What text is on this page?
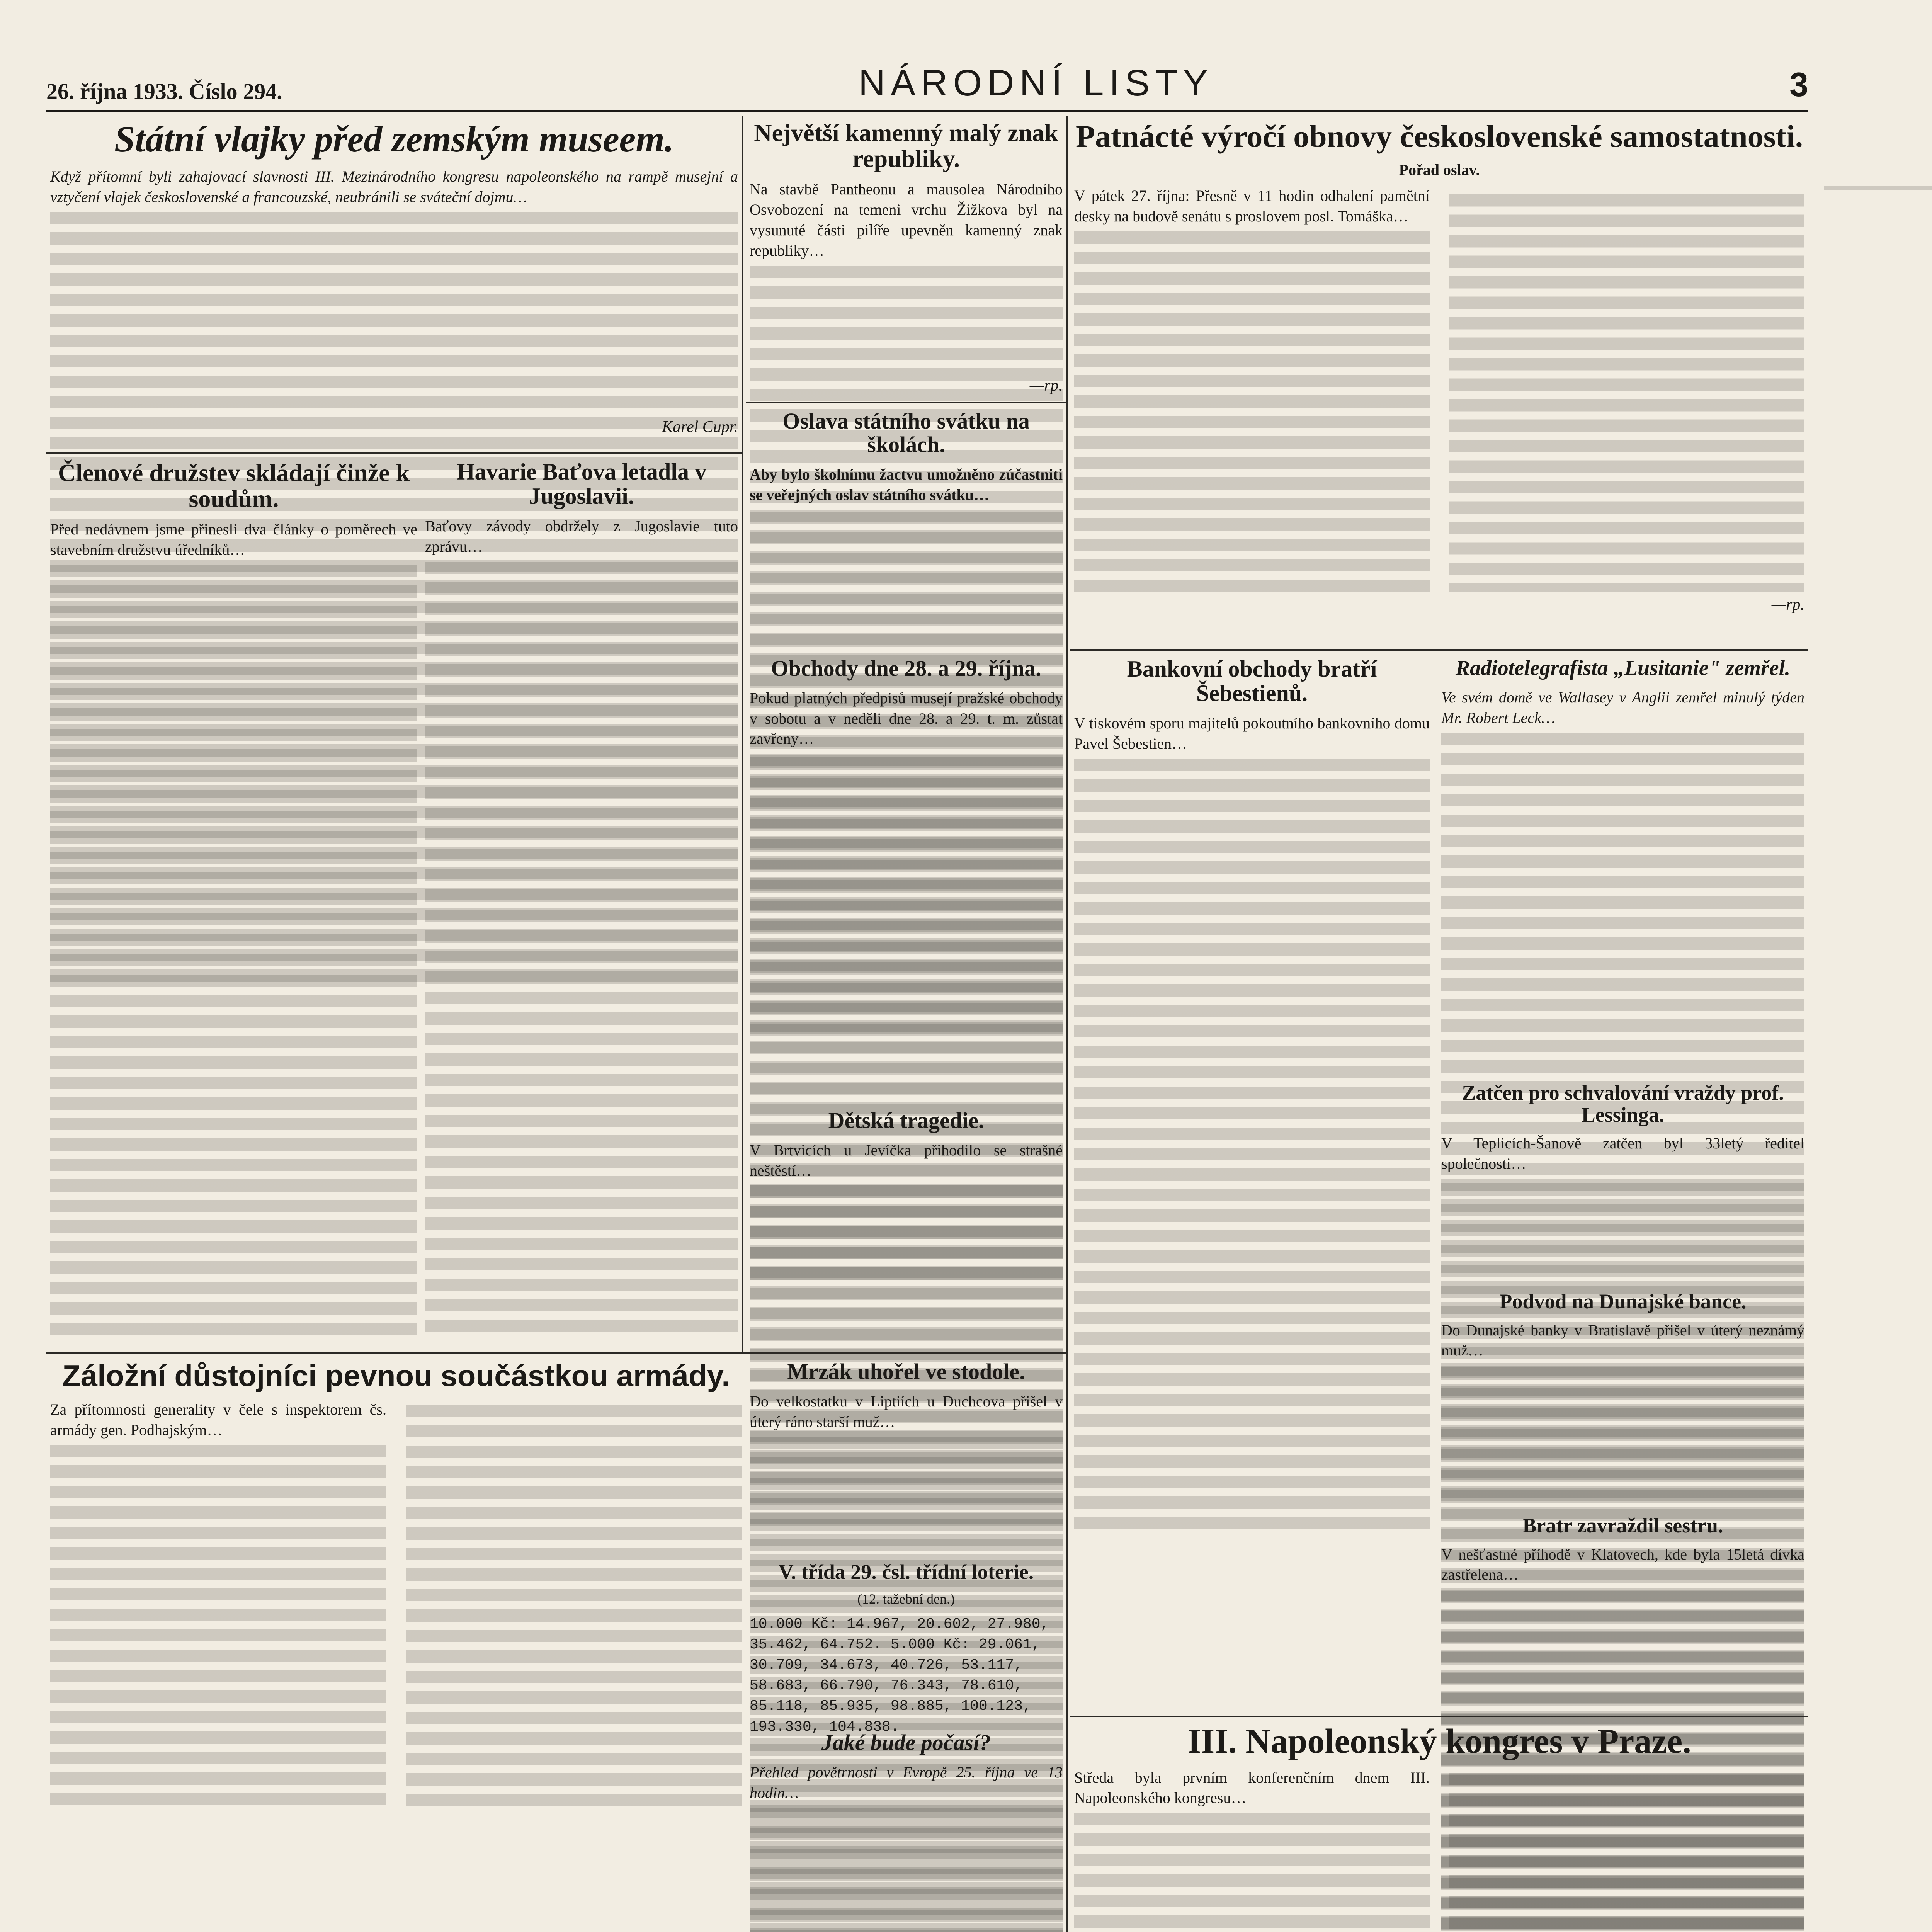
26. října 1933. Číslo 294.	NÁRODNÍ LISTY	3
Státní vlajky před zemským museem.

Když přítomní byli zahajovací slavnosti III. Mezinárodního kongresu napoleonského na rampě musejní a vztyčení vlajek československé a francouzské, neubránili se sváteční dojmu…

Karel Cupr.

Největší kamenný malý znak republiky.

Na stavbě Pantheonu a mausolea Národního Osvobození na temeni vrchu Žižkova byl na vysunuté části pilíře upevněn kamenný znak republiky…

—rp.

Patnácté výročí obnovy československé samostatnosti.

Pořad oslav.

V pátek 27. října: Přesně v 11 hodin odhalení pamětní desky na budově senátu s proslovem posl. Tomáška…

—rp.

Členové družstev skládají činže k soudům.

Před nedávnem jsme přinesli dva články o poměrech ve stavebním družstvu úředníků…

Havarie Baťova letadla v Jugoslavii.

Baťovy závody obdržely z Jugoslavie tuto zprávu…

Oslava státního svátku na školách.

Aby bylo školnímu žactvu umožněno zúčastniti se veřejných oslav státního svátku…

Obchody dne 28. a 29. října.

Pokud platných předpisů musejí pražské obchody v sobotu a v neděli dne 28. a 29. t. m. zůstat zavřeny…

Dětská tragedie.

V Brtvicích u Jevíčka přihodilo se strašné neštěstí…

Mrzák uhořel ve stodole.

Do velkostatku v Liptiích u Duchcova přišel v úterý ráno starší muž…

V. třída 29. čsl. třídní loterie.

(12. tažební den.)

10.000 Kč: 14.967, 20.602, 27.980, 35.462, 64.752. 5.000 Kč: 29.061, 30.709, 34.673, 40.726, 53.117, 58.683, 66.790, 76.343, 78.610, 85.118, 85.935, 98.885, 100.123, 193.330, 104.838.

Jaké bude počasí?

Přehled povětrnosti v Evropě 25. října ve 13 hodin…

Bankovní obchody bratří Šebestienů.

V tiskovém sporu majitelů pokoutního bankovního domu Pavel Šebestien…

Radiotelegrafista „Lusitanie" zemřel.

Ve svém domě ve Wallasey v Anglii zemřel minulý týden Mr. Robert Leck…

Zatčen pro schvalování vraždy prof. Lessinga.

V Teplicích-Šanově zatčen byl 33letý ředitel společnosti…

Podvod na Dunajské bance.

Do Dunajské banky v Bratislavě přišel v úterý neznámý muž…

Bratr zavraždil sestru.

V nešťastné příhodě v Klatovech, kde byla 15letá dívka zastřelena…

III. Napoleonský kongres v Praze.

Středa byla prvním konferenčním dnem III. Napoleonského kongresu…

Záložní důstojníci pevnou součástkou armády.

Za přítomnosti generality v čele s inspektorem čs. armády gen. Podhajským…
